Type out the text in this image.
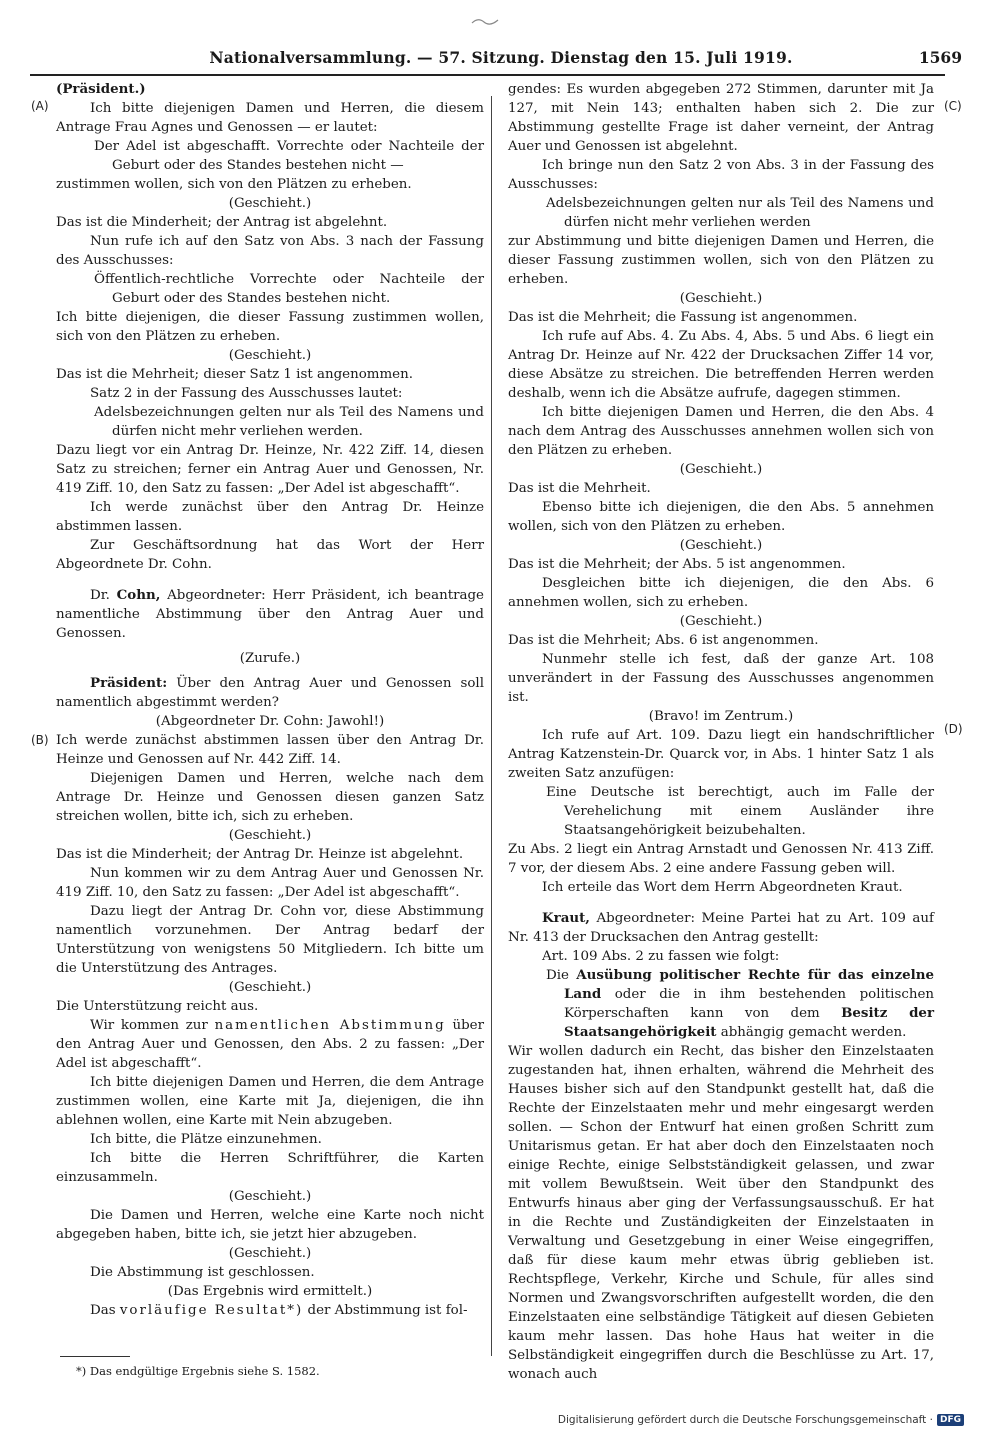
Nationalversammlung. — 57. Sitzung. Dienstag den 15. Juli 1919.	1569
(A)
(B)
(C)
(D)

(Präsident.)

Ich bitte diejenigen Damen und Herren, die diesem Antrage Frau Agnes und Genossen — er lautet:

Der Adel ist abgeschafft. Vorrechte oder Nachteile der Geburt oder des Standes bestehen nicht —

zustimmen wollen, sich von den Plätzen zu erheben.

(Geschieht.)

Das ist die Minderheit; der Antrag ist abgelehnt.

Nun rufe ich auf den Satz von Abs. 3 nach der Fassung des Ausschusses:

Öffentlich-rechtliche Vorrechte oder Nachteile der Geburt oder des Standes bestehen nicht.

Ich bitte diejenigen, die dieser Fassung zustimmen wollen, sich von den Plätzen zu erheben.

(Geschieht.)

Das ist die Mehrheit; dieser Satz 1 ist angenommen.

Satz 2 in der Fassung des Ausschusses lautet:

Adelsbezeichnungen gelten nur als Teil des Namens und dürfen nicht mehr verliehen werden.

Dazu liegt vor ein Antrag Dr. Heinze, Nr. 422 Ziff. 14, diesen Satz zu streichen; ferner ein Antrag Auer und Genossen, Nr. 419 Ziff. 10, den Satz zu fassen: „Der Adel ist abgeschafft“.

Ich werde zunächst über den Antrag Dr. Heinze abstimmen lassen.

Zur Geschäftsordnung hat das Wort der Herr Abgeordnete Dr. Cohn.

Dr. Cohn, Abgeordneter: Herr Präsident, ich beantrage namentliche Abstimmung über den Antrag Auer und Genossen.

(Zurufe.)

Präsident: Über den Antrag Auer und Genossen soll namentlich abgestimmt werden?

(Abgeordneter Dr. Cohn: Jawohl!)

Ich werde zunächst abstimmen lassen über den Antrag Dr. Heinze und Genossen auf Nr. 442 Ziff. 14.

Diejenigen Damen und Herren, welche nach dem Antrage Dr. Heinze und Genossen diesen ganzen Satz streichen wollen, bitte ich, sich zu erheben.

(Geschieht.)

Das ist die Minderheit; der Antrag Dr. Heinze ist abgelehnt.

Nun kommen wir zu dem Antrag Auer und Genossen Nr. 419 Ziff. 10, den Satz zu fassen: „Der Adel ist abgeschafft“.

Dazu liegt der Antrag Dr. Cohn vor, diese Abstimmung namentlich vorzunehmen. Der Antrag bedarf der Unterstützung von wenigstens 50 Mitgliedern. Ich bitte um die Unterstützung des Antrages.

(Geschieht.)

Die Unterstützung reicht aus.

Wir kommen zur namentlichen Abstimmung über den Antrag Auer und Genossen, den Abs. 2 zu fassen: „Der Adel ist abgeschafft“.

Ich bitte diejenigen Damen und Herren, die dem Antrage zustimmen wollen, eine Karte mit Ja, diejenigen, die ihn ablehnen wollen, eine Karte mit Nein abzugeben.

Ich bitte, die Plätze einzunehmen.

Ich bitte die Herren Schriftführer, die Karten einzusammeln.

(Geschieht.)

Die Damen und Herren, welche eine Karte noch nicht abgegeben haben, bitte ich, sie jetzt hier abzugeben.

(Geschieht.)

Die Abstimmung ist geschlossen.

(Das Ergebnis wird ermittelt.)

Das vorläufige Resultat*) der Abstimmung ist fol-

gendes: Es wurden abgegeben 272 Stimmen, darunter mit Ja 127, mit Nein 143; enthalten haben sich 2. Die zur Abstimmung gestellte Frage ist daher verneint, der Antrag Auer und Genossen ist abgelehnt.

Ich bringe nun den Satz 2 von Abs. 3 in der Fassung des Ausschusses:

Adelsbezeichnungen gelten nur als Teil des Namens und dürfen nicht mehr verliehen werden

zur Abstimmung und bitte diejenigen Damen und Herren, die dieser Fassung zustimmen wollen, sich von den Plätzen zu erheben.

(Geschieht.)

Das ist die Mehrheit; die Fassung ist angenommen.

Ich rufe auf Abs. 4. Zu Abs. 4, Abs. 5 und Abs. 6 liegt ein Antrag Dr. Heinze auf Nr. 422 der Drucksachen Ziffer 14 vor, diese Absätze zu streichen. Die betreffenden Herren werden deshalb, wenn ich die Absätze aufrufe, dagegen stimmen.

Ich bitte diejenigen Damen und Herren, die den Abs. 4 nach dem Antrag des Ausschusses annehmen wollen sich von den Plätzen zu erheben.

(Geschieht.)

Das ist die Mehrheit.

Ebenso bitte ich diejenigen, die den Abs. 5 annehmen wollen, sich von den Plätzen zu erheben.

(Geschieht.)

Das ist die Mehrheit; der Abs. 5 ist angenommen.

Desgleichen bitte ich diejenigen, die den Abs. 6 annehmen wollen, sich zu erheben.

(Geschieht.)

Das ist die Mehrheit; Abs. 6 ist angenommen.

Nunmehr stelle ich fest, daß der ganze Art. 108 unverändert in der Fassung des Ausschusses angenommen ist.

(Bravo! im Zentrum.)

Ich rufe auf Art. 109. Dazu liegt ein handschriftlicher Antrag Katzenstein-Dr. Quarck vor, in Abs. 1 hinter Satz 1 als zweiten Satz anzufügen:

Eine Deutsche ist berechtigt, auch im Falle der Verehelichung mit einem Ausländer ihre Staatsangehörigkeit beizubehalten.

Zu Abs. 2 liegt ein Antrag Arnstadt und Genossen Nr. 413 Ziff. 7 vor, der diesem Abs. 2 eine andere Fassung geben will.

Ich erteile das Wort dem Herrn Abgeordneten Kraut.

Kraut, Abgeordneter: Meine Partei hat zu Art. 109 auf Nr. 413 der Drucksachen den Antrag gestellt:

Art. 109 Abs. 2 zu fassen wie folgt:

Die Ausübung politischer Rechte für das einzelne Land oder die in ihm bestehenden politischen Körperschaften kann von dem Besitz der Staatsangehörigkeit abhängig gemacht werden.

Wir wollen dadurch ein Recht, das bisher den Einzelstaaten zugestanden hat, ihnen erhalten, während die Mehrheit des Hauses bisher sich auf den Standpunkt gestellt hat, daß die Rechte der Einzelstaaten mehr und mehr eingesargt werden sollen. — Schon der Entwurf hat einen großen Schritt zum Unitarismus getan. Er hat aber doch den Einzelstaaten noch einige Rechte, einige Selbstständigkeit gelassen, und zwar mit vollem Bewußtsein. Weit über den Standpunkt des Entwurfs hinaus aber ging der Verfassungsausschuß. Er hat in die Rechte und Zuständigkeiten der Einzelstaaten in Verwaltung und Gesetzgebung in einer Weise eingegriffen, daß für diese kaum mehr etwas übrig geblieben ist. Rechtspflege, Verkehr, Kirche und Schule, für alles sind Normen und Zwangsvorschriften aufgestellt worden, die den Einzelstaaten eine selbständige Tätigkeit auf diesen Gebieten kaum mehr lassen. Das hohe Haus hat weiter in die Selbständigkeit eingegriffen durch die Beschlüsse zu Art. 17, wonach auch

*) Das endgültige Ergebnis siehe S. 1582.
Digitalisierung gefördert durch die Deutsche Forschungsgemeinschaft · DFG
